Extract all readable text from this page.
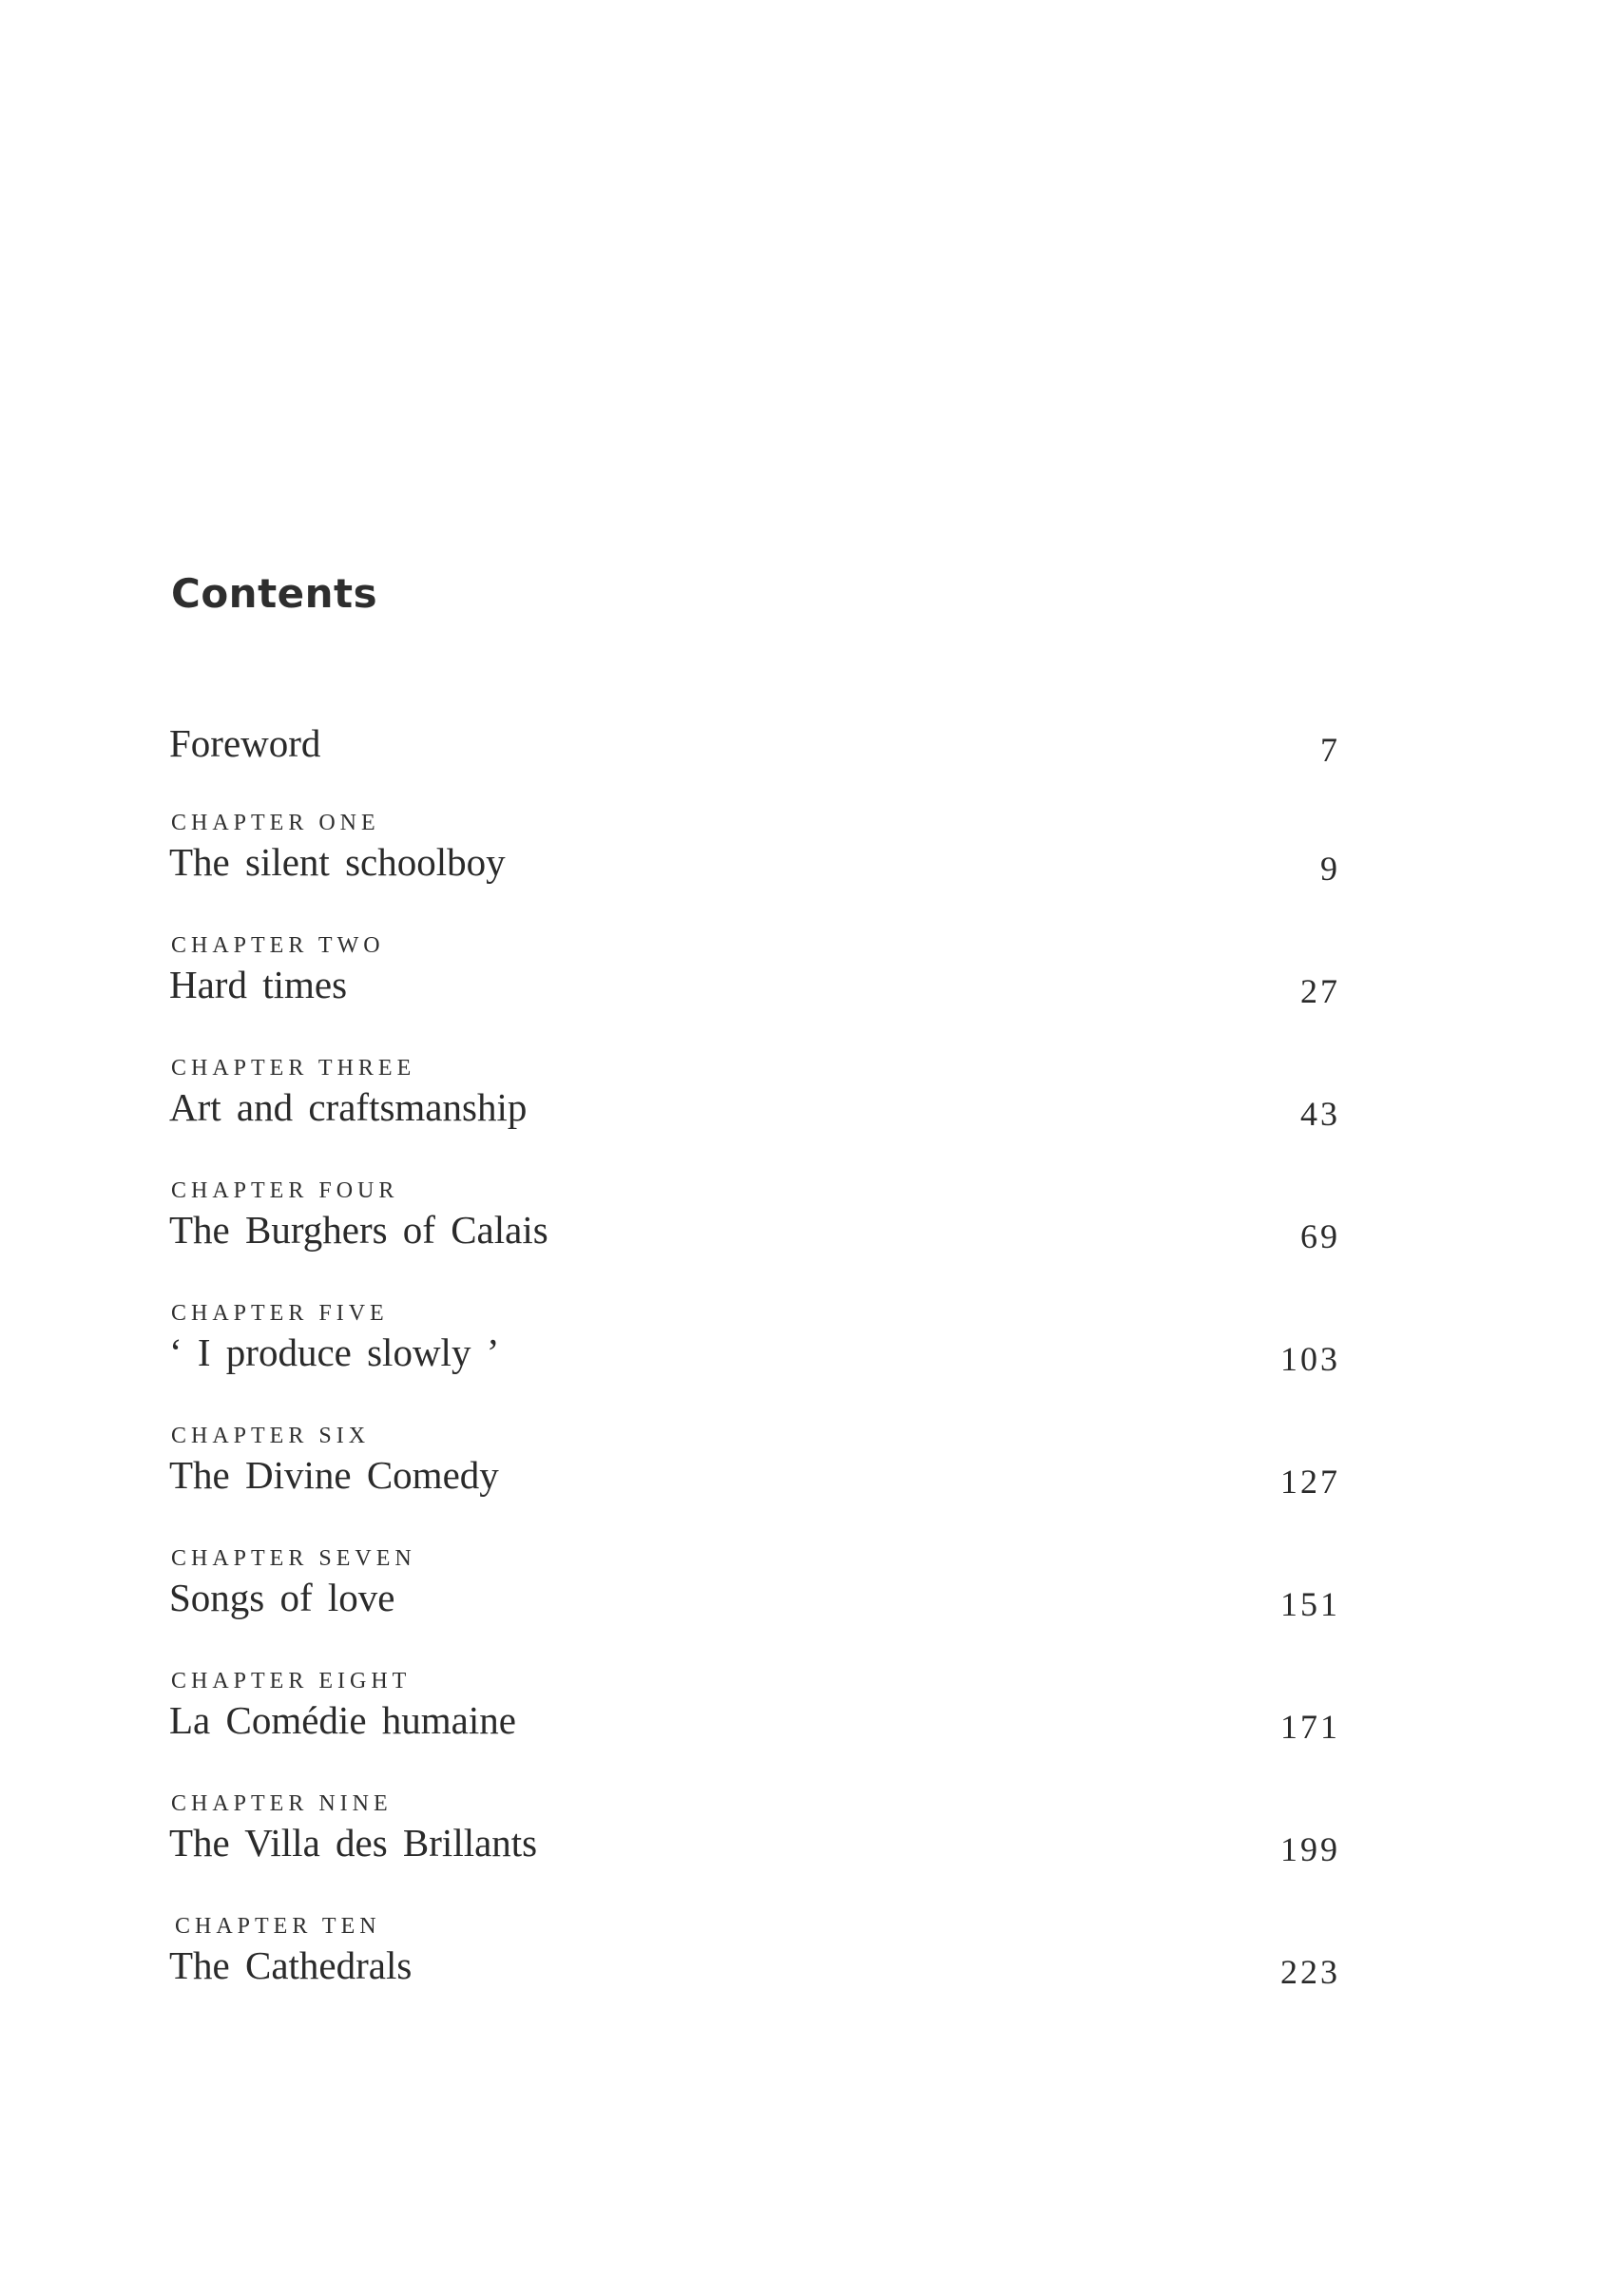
Contents
Foreword	7
CHAPTER ONE
The silent schoolboy	9
CHAPTER TWO
Hard times	27
CHAPTER THREE
Art and craftsmanship	43
CHAPTER FOUR
The Burghers of Calais	69
CHAPTER FIVE
‘ I produce slowly ’	103
CHAPTER SIX
The Divine Comedy	127
CHAPTER SEVEN
Songs of love	151
CHAPTER EIGHT
La Comédie humaine	171
CHAPTER NINE
The Villa des Brillants	199
CHAPTER TEN
The Cathedrals	223
